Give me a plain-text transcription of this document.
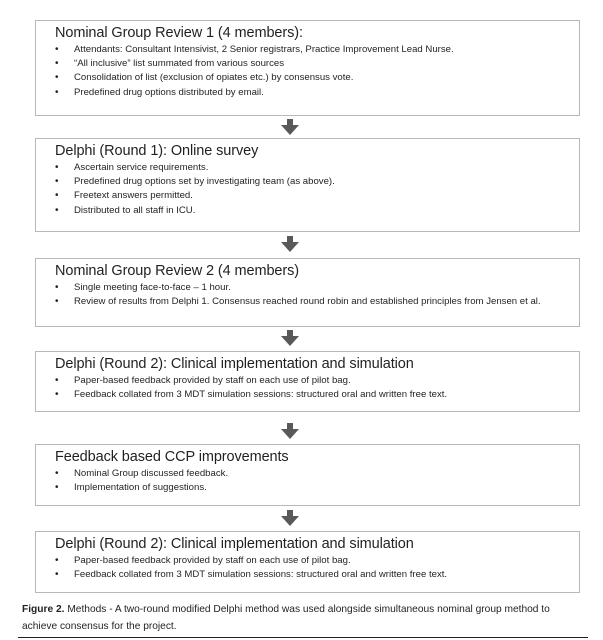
Nominal Group Review 1 (4 members):
• Attendants: Consultant Intensivist, 2 Senior registrars, Practice Improvement Lead Nurse.
• “All inclusive” list summated from various sources
• Consolidation of list (exclusion of opiates etc.) by consensus vote.
• Predefined drug options distributed by email.
Delphi (Round 1): Online survey
• Ascertain service requirements.
• Predefined drug options set by investigating team (as above).
• Freetext answers permitted.
• Distributed to all staff in ICU.
Nominal Group Review 2 (4 members)
• Single meeting face-to-face – 1 hour.
• Review of results from Delphi 1. Consensus reached round robin and established principles from Jensen et al.
Delphi (Round 2): Clinical implementation and simulation
• Paper-based feedback provided by staff on each use of pilot bag.
• Feedback collated from 3 MDT simulation sessions: structured oral and written free text.
Feedback based CCP improvements
• Nominal Group discussed feedback.
• Implementation of suggestions.
Delphi (Round 2): Clinical implementation and simulation
• Paper-based feedback provided by staff on each use of pilot bag.
• Feedback collated from 3 MDT simulation sessions: structured oral and written free text.
Figure 2. Methods - A two-round modified Delphi method was used alongside simultaneous nominal group method to achieve consensus for the project.
